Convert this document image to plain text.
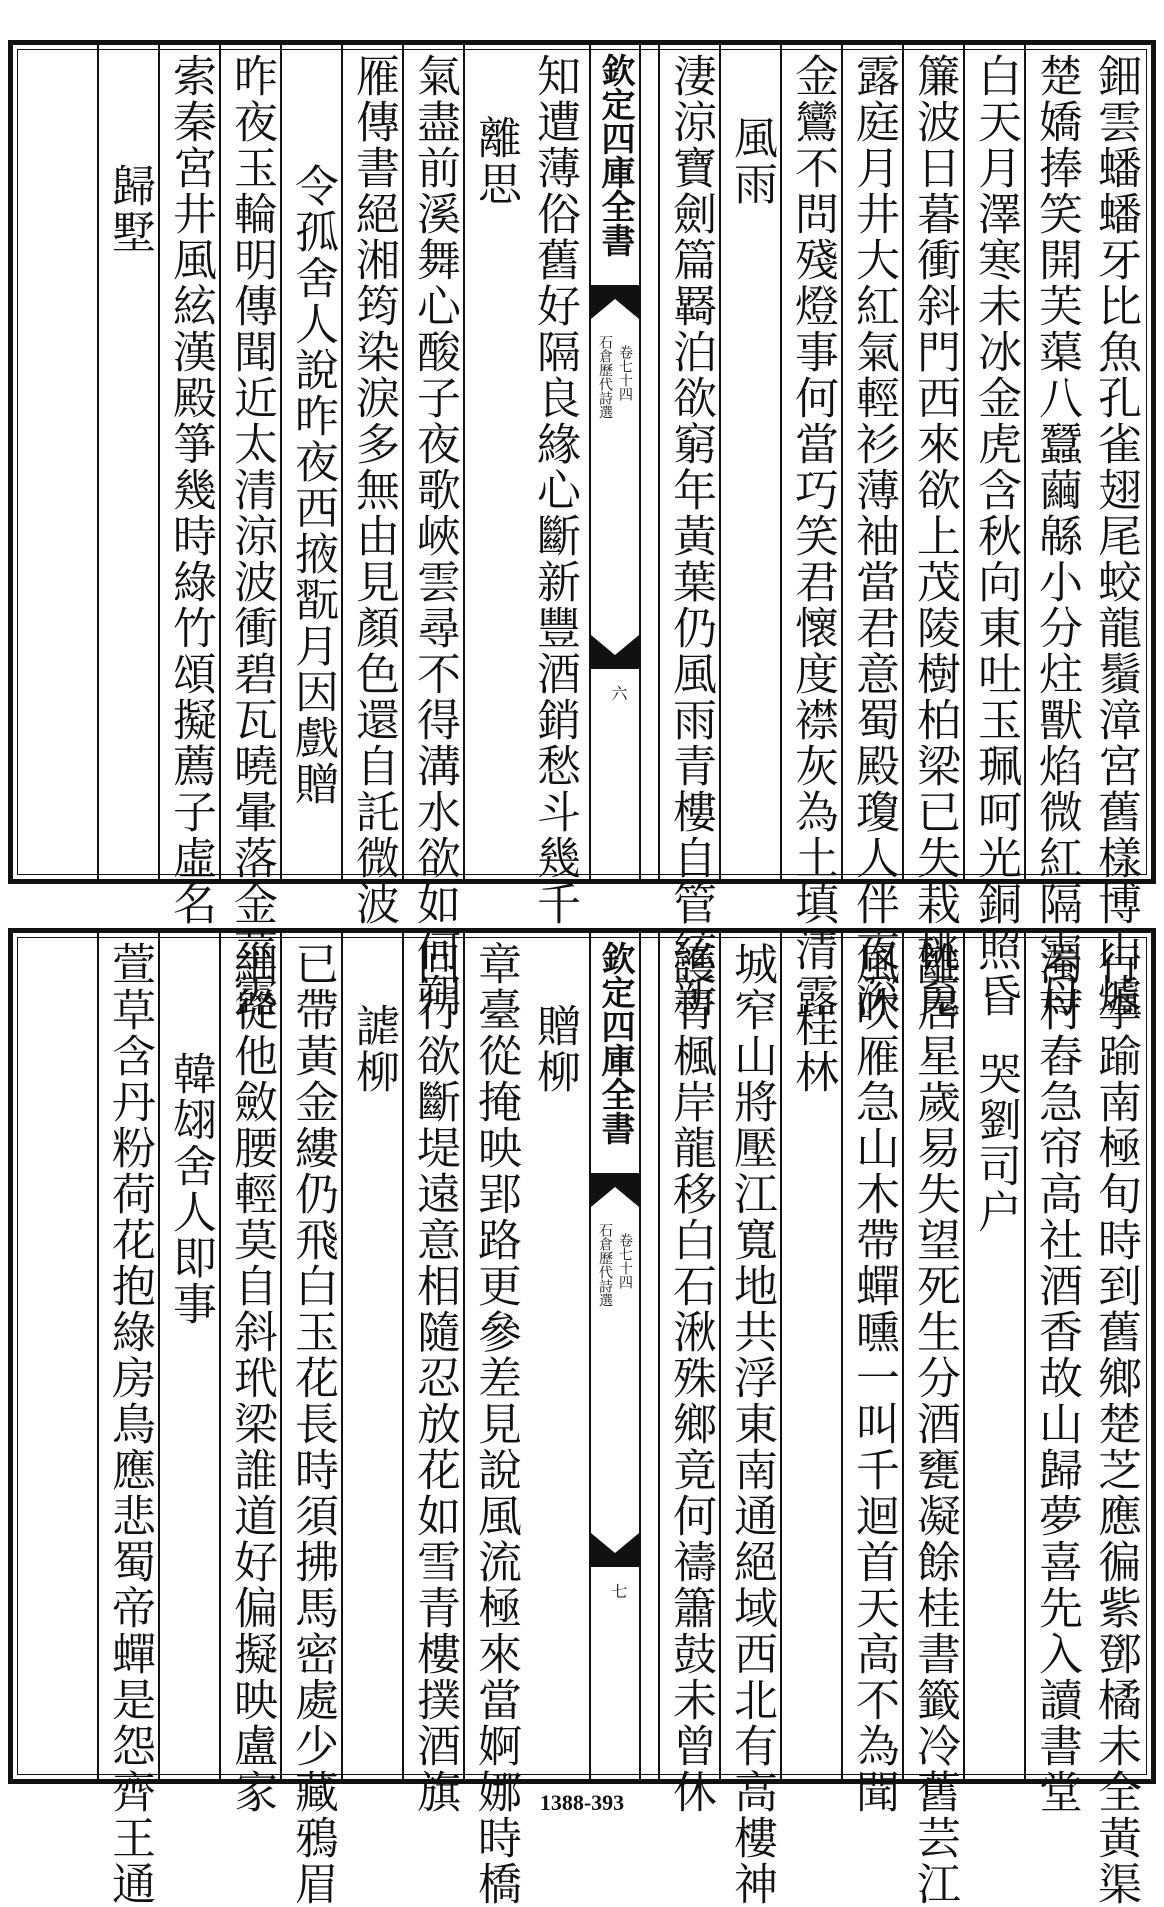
鈿雲蟠蟠牙比魚孔雀翅尾蛟龍鬚漳宮舊樣博山爐
楚嬌捧笑開芙蕖八蠶繭緜小分炷獸焰微紅隔雲母
白天月澤寒未冰金虎含秋向東吐玉珮呵光銅照昏
簾波日暮衝斜門西來欲上茂陵樹柏梁已失栽桃䰟
露庭月井大紅氣輕衫薄袖當君意蜀殿瓊人伴夜深
金鸞不問殘燈事何當巧笑君懷度襟灰為土填清露
風雨
淒涼寶劍篇羇泊欲窮年黃葉仍風雨青樓自管絃新
欽定四庫全書
石倉歷代詩選 卷七十四
六
知遭薄俗舊好隔良緣心斷新豐酒銷愁斗幾千
離思
氣盡前溪舞心酸子夜歌峽雲尋不得溝水欲如何朔
雁傳書絕湘筠染淚多無由見顏色還自託微波
令孤舍人說昨夜西掖翫月因戲贈
昨夜玉輪明傳聞近太清涼波衝碧瓦曉暈落金莖露
索秦宮井風絃漢殿箏幾時綠竹頌擬薦子虛名
歸墅
行李踰南極旬時到舊鄉楚芝應徧紫鄧橘未全黃渠
濁村舂急帘高社酒香故山歸夢喜先入讀書堂
哭劉司户
離居星歲易失望死生分酒甕凝餘桂書籤冷舊芸江
風吹雁急山木帶蟬曛一叫千迴首天高不為聞
桂林
城窄山將壓江寬地共浮東南通絕域西北有高樓神
護青楓岸龍移白石湫殊鄉竟何禱簫鼓未曾休
欽定四庫全書
石倉歷代詩選 卷七十四
七
贈柳
章臺從掩映郢路更參差見說風流極來當婀娜時橋
回行欲斷堤遠意相隨忍放花如雪青樓撲酒旗
謔柳
已帶黃金縷仍飛白玉花長時須拂馬密處少藏鴉眉
細從他斂腰輕莫自斜玳梁誰道好偏擬映盧家
韓翃舍人即事
萱草含丹粉荷花抱綠房鳥應悲蜀帝蟬是怨齊王通	1388-393
